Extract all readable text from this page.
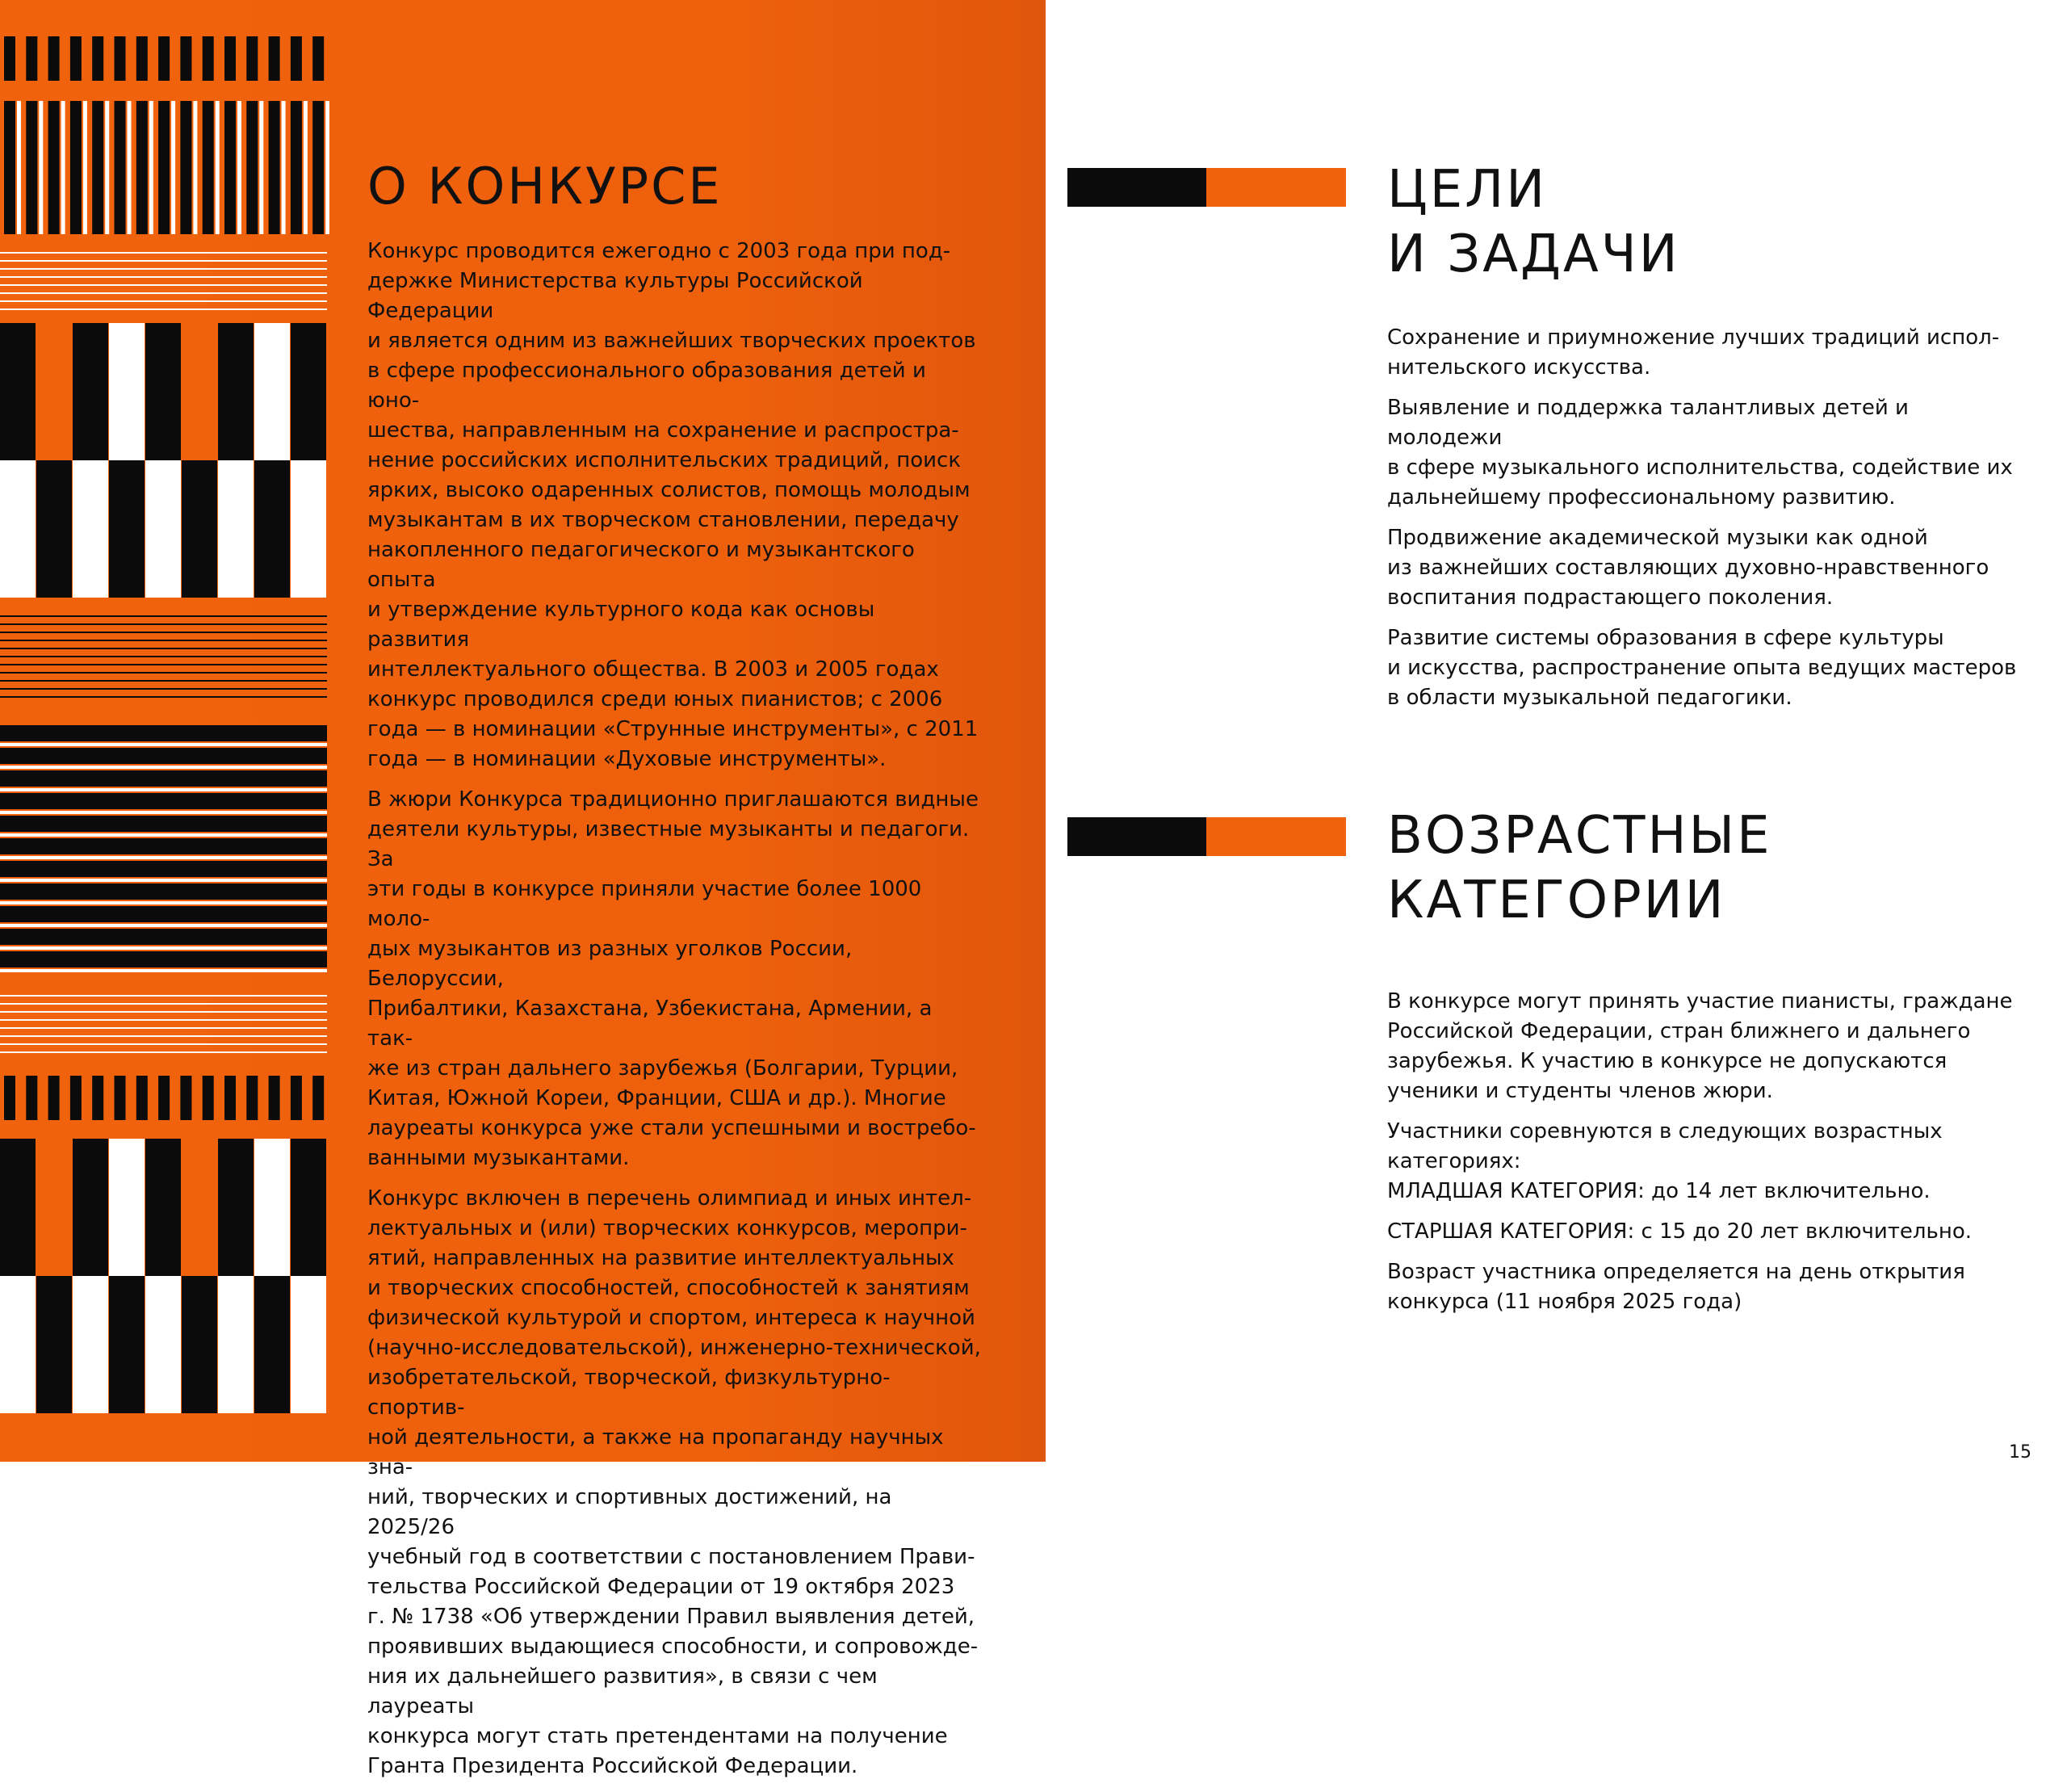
О КОНКУРСЕ

Конкурс проводится ежегодно с 2003 года при под-
держке Министерства культуры Российской Федерации
и является одним из важнейших творческих проектов
в сфере профессионального образования детей и юно-
шества, направленным на сохранение и распростра-
нение российских исполнительских традиций, поиск
ярких, высоко одаренных солистов, помощь молодым
музыкантам в их творческом становлении, передачу
накопленного педагогического и музыкантского опыта
и утверждение культурного кода как основы развития
интеллектуального общества. В 2003 и 2005 годах
конкурс проводился среди юных пианистов; с 2006
года — в номинации «Струнные инструменты», с 2011
года — в номинации «Духовые инструменты».

В жюри Конкурса традиционно приглашаются видные
деятели культуры, известные музыканты и педагоги. За
эти годы в конкурсе приняли участие более 1000 моло-
дых музыкантов из разных уголков России, Белоруссии,
Прибалтики, Казахстана, Узбекистана, Армении, а так-
же из стран дальнего зарубежья (Болгарии, Турции,
Китая, Южной Кореи, Франции, США и др.). Многие
лауреаты конкурса уже стали успешными и востребо-
ванными музыкантами.

Конкурс включен в перечень олимпиад и иных интел-
лектуальных и (или) творческих конкурсов, меропри-
ятий, направленных на развитие интеллектуальных
и творческих способностей, способностей к занятиям
физической культурой и спортом, интереса к научной
(научно-исследовательской), инженерно-технической,
изобретательской, творческой, физкультурно-спортив-
ной деятельности, а также на пропаганду научных зна-
ний, творческих и спортивных достижений, на 2025/26
учебный год в соответствии с постановлением Прави-
тельства Российской Федерации от 19 октября 2023
г. № 1738 «Об утверждении Правил выявления детей,
проявивших выдающиеся способности, и сопровожде-
ния их дальнейшего развития», в связи с чем лауреаты
конкурса могут стать претендентами на получение
Гранта Президента Российской Федерации.

ЦЕЛИ
И ЗАДАЧИ

Сохранение и приумножение лучших традиций испол-
нительского искусства.

Выявление и поддержка талантливых детей и молодежи
в сфере музыкального исполнительства, содействие их
дальнейшему профессиональному развитию.

Продвижение академической музыки как одной
из важнейших составляющих духовно-нравственного
воспитания подрастающего поколения.

Развитие системы образования в сфере культуры
и искусства, распространение опыта ведущих мастеров
в области музыкальной педагогики.

ВОЗРАСТНЫЕ
КАТЕГОРИИ

В конкурсе могут принять участие пианисты, граждане
Российской Федерации, стран ближнего и дальнего
зарубежья. К участию в конкурсе не допускаются
ученики и студенты членов жюри.

Участники соревнуются в следующих возрастных
категориях:
МЛАДШАЯ КАТЕГОРИЯ: до 14 лет включительно.

СТАРШАЯ КАТЕГОРИЯ: с 15 до 20 лет включительно.

Возраст участника определяется на день открытия
конкурса (11 ноября 2025 года)

15
